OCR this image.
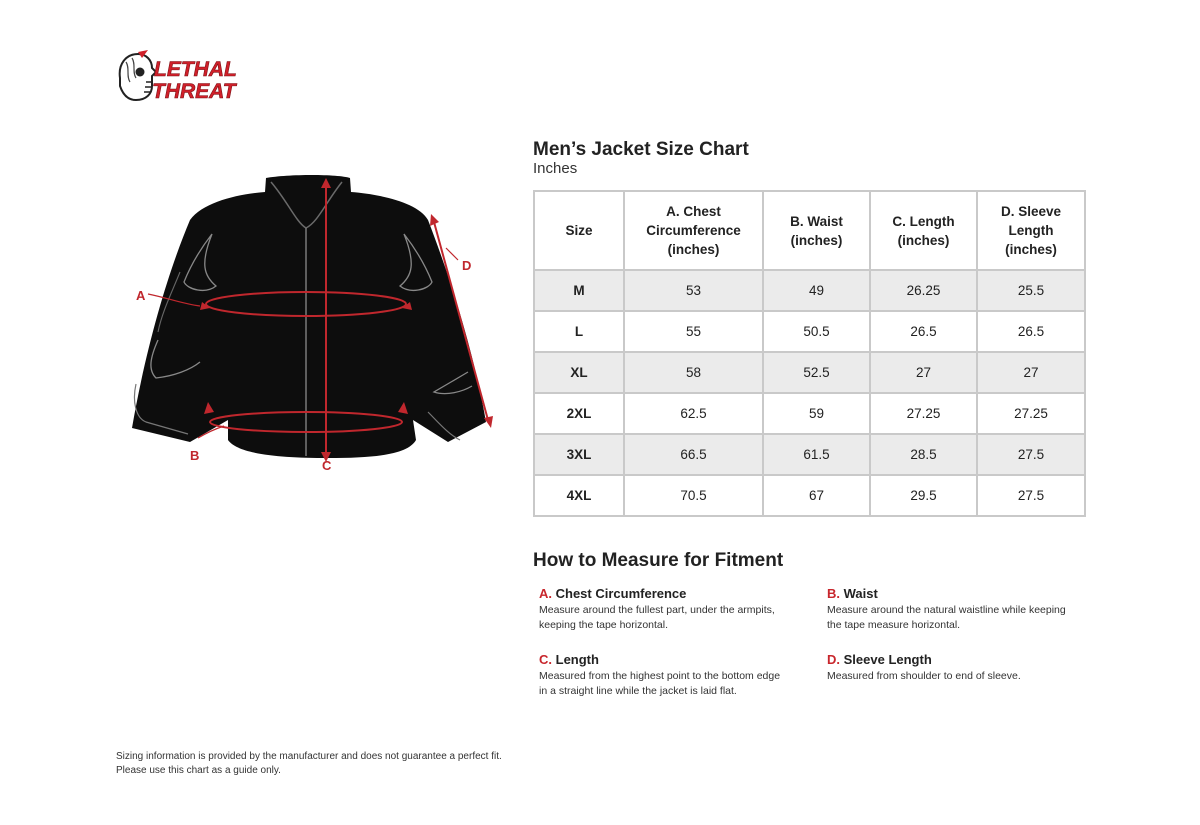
LETHAL
THREAT
A
B
C
D
Men’s Jacket Size Chart
Inches
Size	A. Chest Circumference (inches)	B. Waist (inches)	C. Length (inches)	D. Sleeve Length (inches)
M	53	49	26.25	25.5
L	55	50.5	26.5	26.5
XL	58	52.5	27	27
2XL	62.5	59	27.25	27.25
3XL	66.5	61.5	28.5	27.5
4XL	70.5	67	29.5	27.5
How to Measure for Fitment
A. Chest Circumference
Measure around the fullest part, under the armpits,
keeping the tape horizontal.
B. Waist
Measure around the natural waistline while keeping
the tape measure horizontal.
C. Length
Measured from the highest point to the bottom edge
in a straight line while the jacket is laid flat.
D. Sleeve Length
Measured from shoulder to end of sleeve.
Sizing information is provided by the manufacturer and does not guarantee a perfect fit.
Please use this chart as a guide only.
